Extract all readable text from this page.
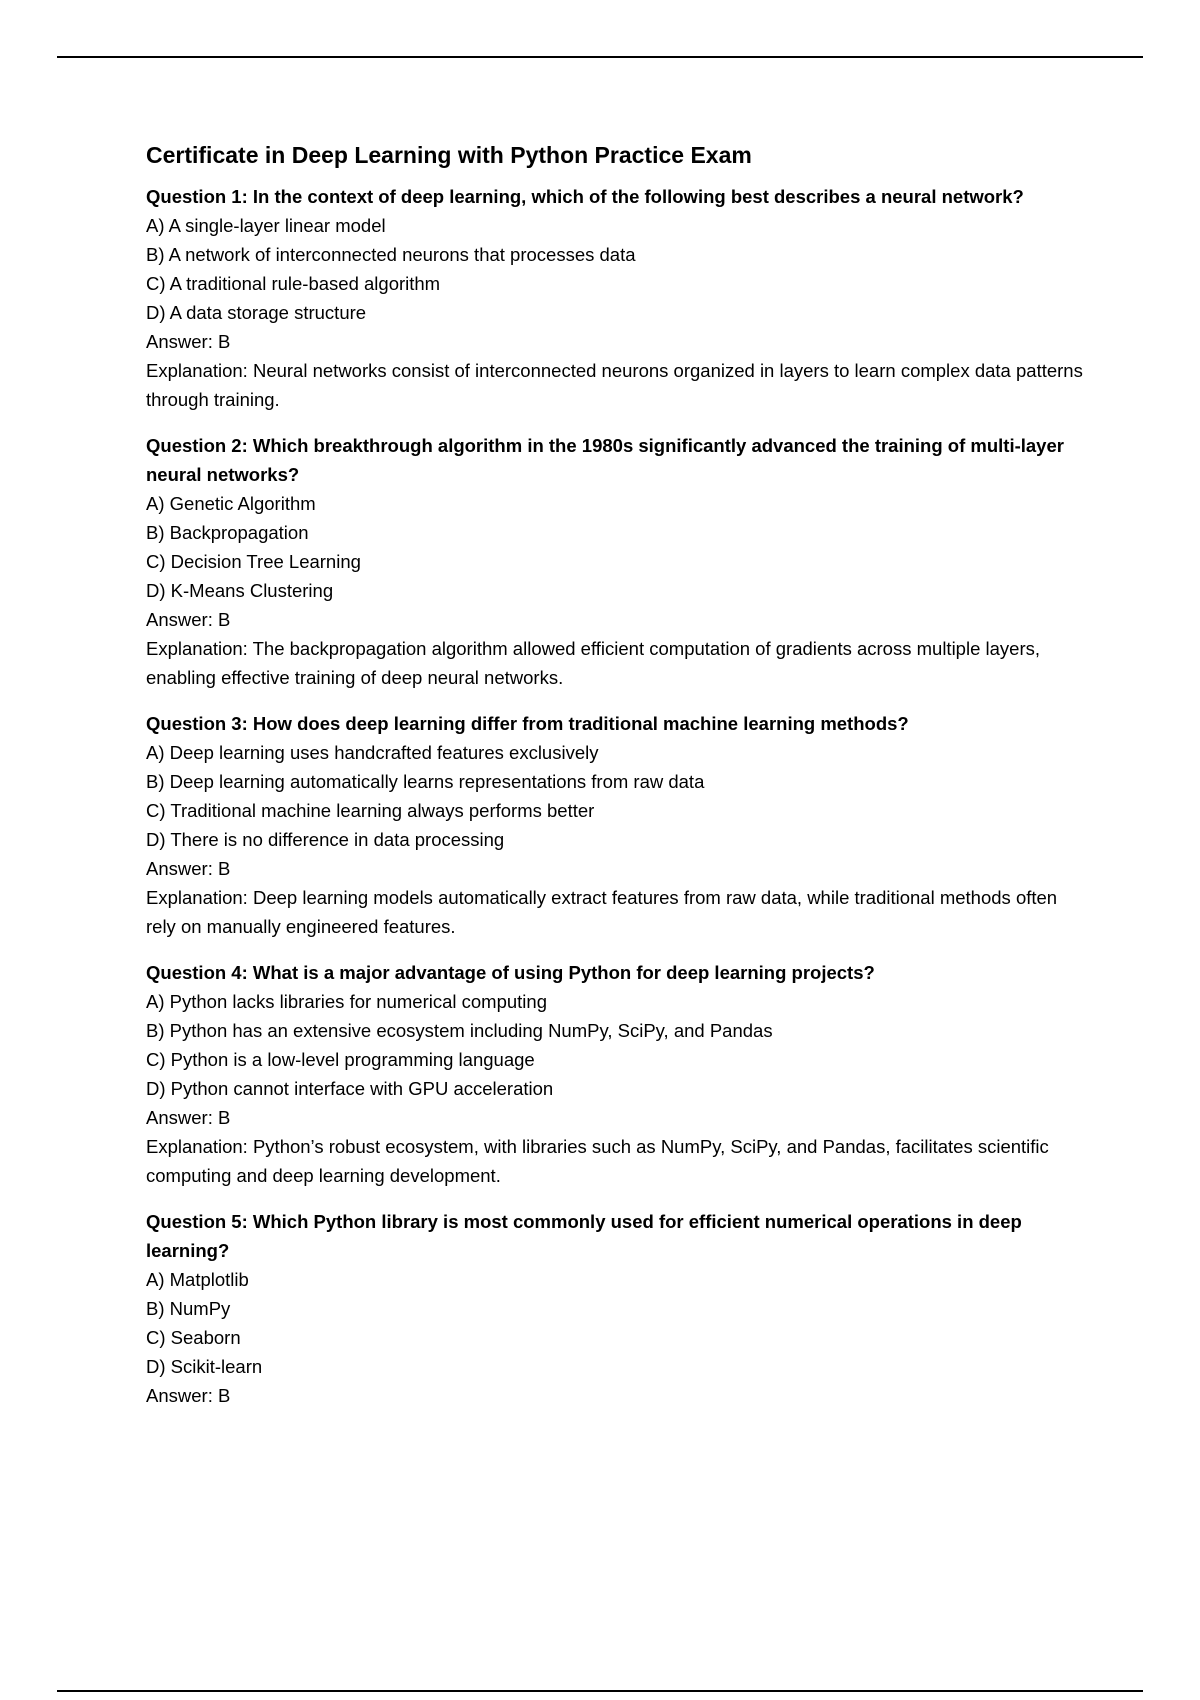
Certificate in Deep Learning with Python Practice Exam
Question 1: In the context of deep learning, which of the following best describes a neural network?
A) A single-layer linear model
B) A network of interconnected neurons that processes data
C) A traditional rule-based algorithm
D) A data storage structure
Answer: B
Explanation: Neural networks consist of interconnected neurons organized in layers to learn complex data patterns through training.
Question 2: Which breakthrough algorithm in the 1980s significantly advanced the training of multi-layer neural networks?
A) Genetic Algorithm
B) Backpropagation
C) Decision Tree Learning
D) K-Means Clustering
Answer: B
Explanation: The backpropagation algorithm allowed efficient computation of gradients across multiple layers, enabling effective training of deep neural networks.
Question 3: How does deep learning differ from traditional machine learning methods?
A) Deep learning uses handcrafted features exclusively
B) Deep learning automatically learns representations from raw data
C) Traditional machine learning always performs better
D) There is no difference in data processing
Answer: B
Explanation: Deep learning models automatically extract features from raw data, while traditional methods often rely on manually engineered features.
Question 4: What is a major advantage of using Python for deep learning projects?
A) Python lacks libraries for numerical computing
B) Python has an extensive ecosystem including NumPy, SciPy, and Pandas
C) Python is a low-level programming language
D) Python cannot interface with GPU acceleration
Answer: B
Explanation: Python’s robust ecosystem, with libraries such as NumPy, SciPy, and Pandas, facilitates scientific computing and deep learning development.
Question 5: Which Python library is most commonly used for efficient numerical operations in deep learning?
A) Matplotlib
B) NumPy
C) Seaborn
D) Scikit-learn
Answer: B
